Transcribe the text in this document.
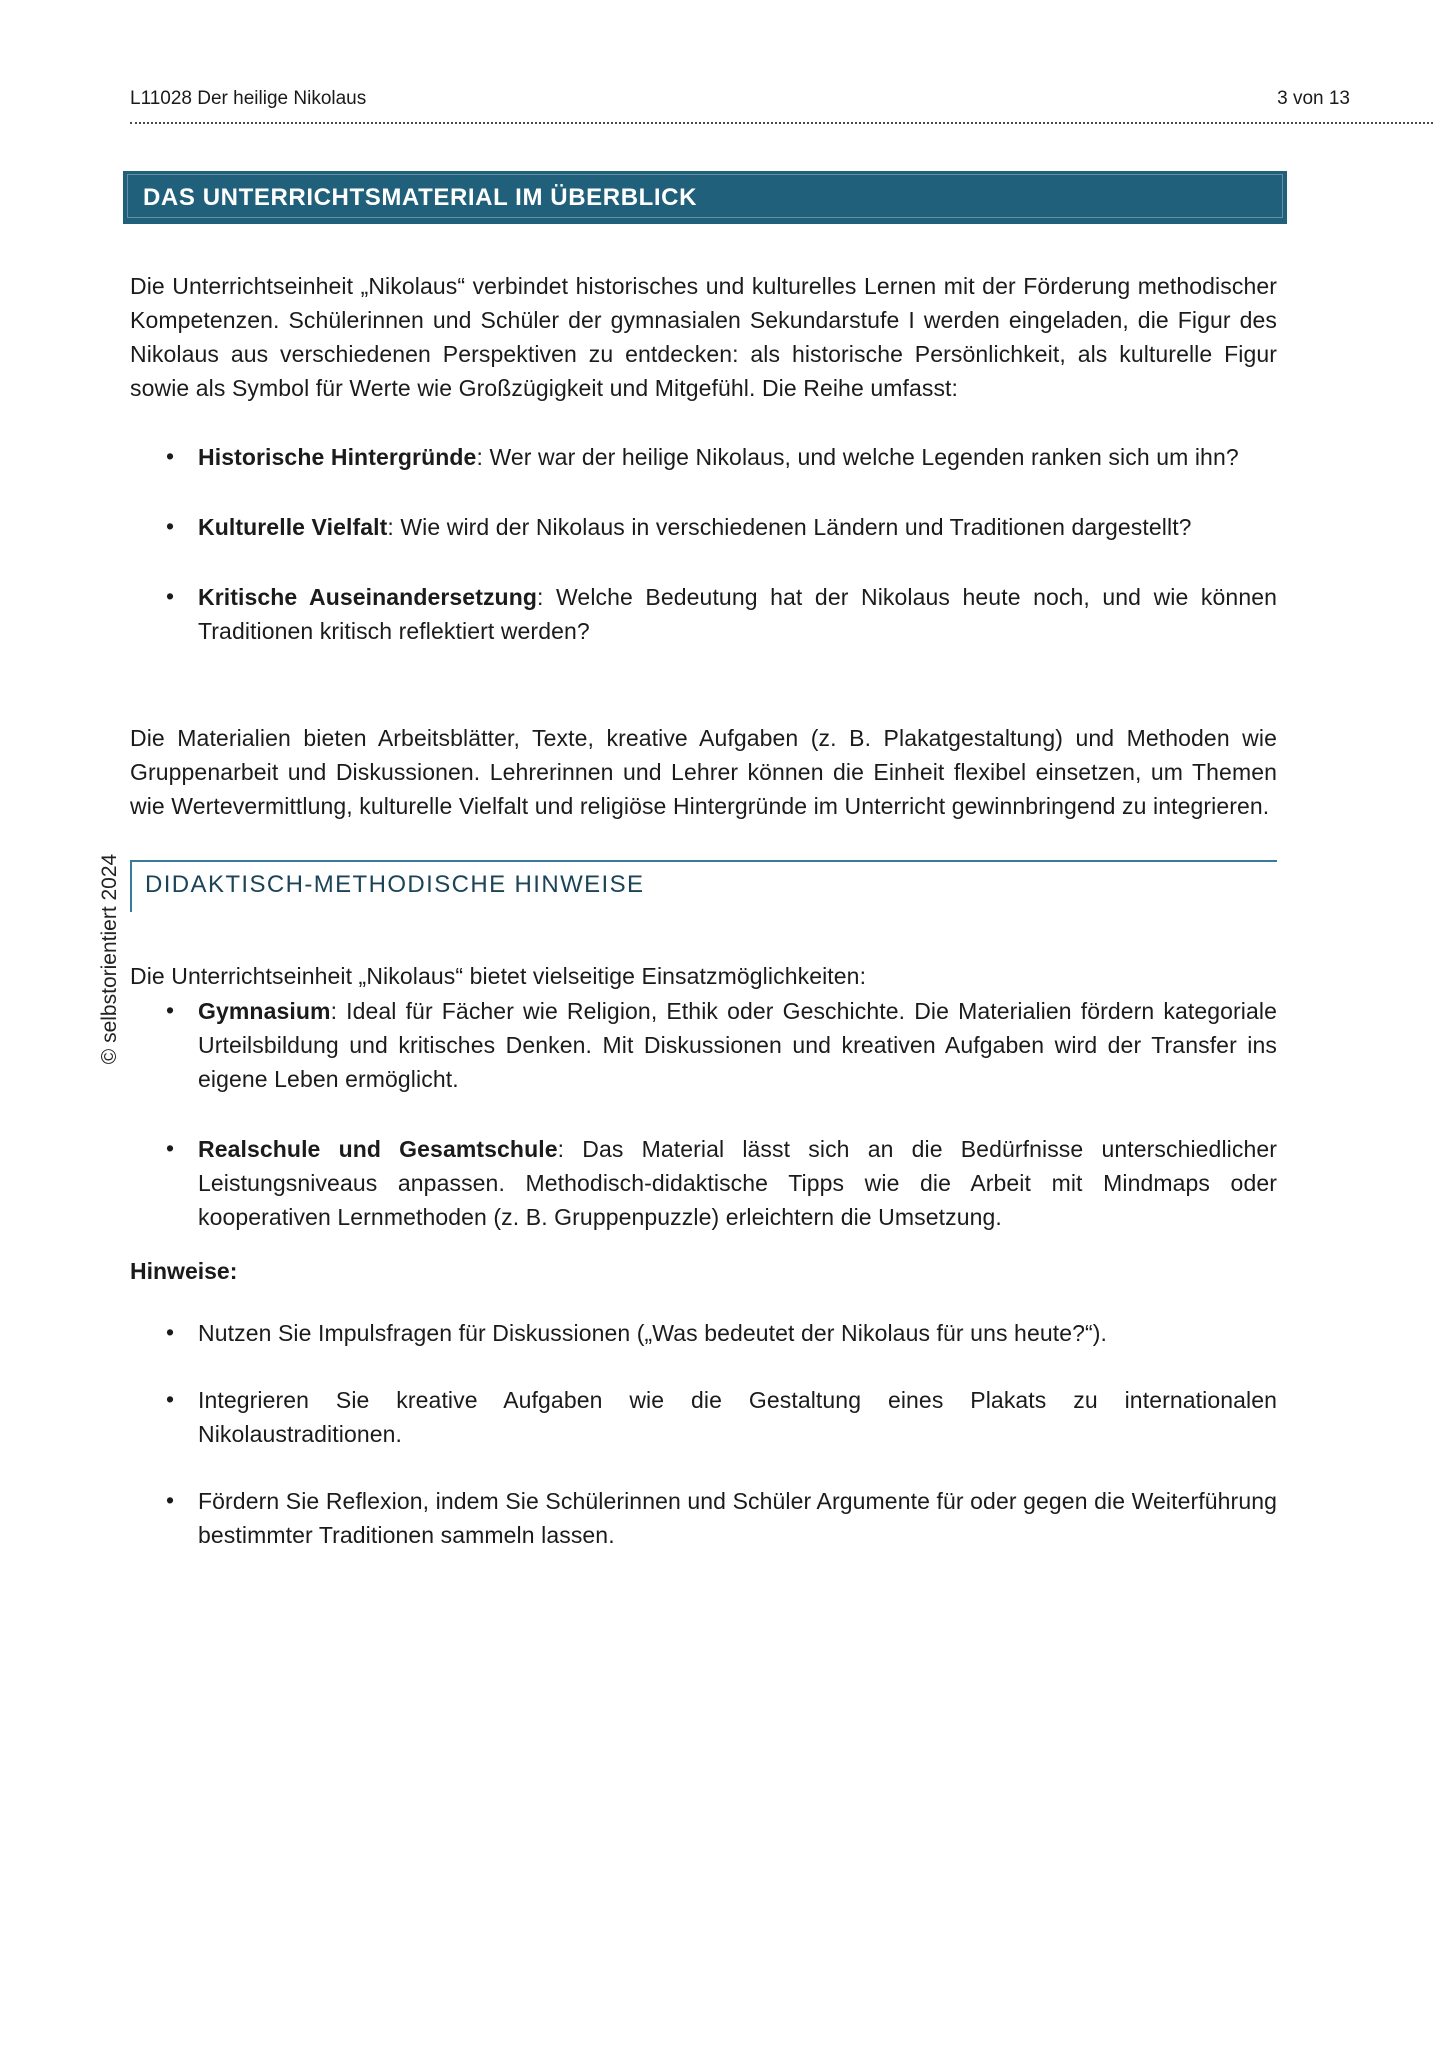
L11028 Der heilige Nikolaus	3 von 13
DAS UNTERRICHTSMATERIAL IM ÜBERBLICK

Die Unterrichtseinheit „Nikolaus“ verbindet historisches und kulturelles Lernen mit der Förderung methodischer Kompetenzen. Schülerinnen und Schüler der gymnasialen Sekundarstufe I werden eingeladen, die Figur des Nikolaus aus verschiedenen Perspektiven zu entdecken: als historische Persönlichkeit, als kulturelle Figur sowie als Symbol für Werte wie Großzügigkeit und Mitgefühl. Die Reihe umfasst:

• Historische Hintergründe: Wer war der heilige Nikolaus, und welche Legenden ranken sich um ihn?
• Kulturelle Vielfalt: Wie wird der Nikolaus in verschiedenen Ländern und Traditionen dargestellt?
• Kritische Auseinandersetzung: Welche Bedeutung hat der Nikolaus heute noch, und wie können Traditionen kritisch reflektiert werden?

Die Materialien bieten Arbeitsblätter, Texte, kreative Aufgaben (z. B. Plakatgestaltung) und Methoden wie Gruppenarbeit und Diskussionen. Lehrerinnen und Lehrer können die Einheit flexibel einsetzen, um Themen wie Wertevermittlung, kulturelle Vielfalt und religiöse Hintergründe im Unterricht gewinnbringend zu integrieren.

DIDAKTISCH-METHODISCHE HINWEISE

Die Unterrichtseinheit „Nikolaus“ bietet vielseitige Einsatzmöglichkeiten:

• Gymnasium: Ideal für Fächer wie Religion, Ethik oder Geschichte. Die Materialien fördern kategoriale Urteilsbildung und kritisches Denken. Mit Diskussionen und kreativen Aufgaben wird der Transfer ins eigene Leben ermöglicht.
• Realschule und Gesamtschule: Das Material lässt sich an die Bedürfnisse unterschiedlicher Leistungsniveaus anpassen. Methodisch-didaktische Tipps wie die Arbeit mit Mindmaps oder kooperativen Lernmethoden (z. B. Gruppenpuzzle) erleichtern die Umsetzung.
Hinweise:
• Nutzen Sie Impulsfragen für Diskussionen („Was bedeutet der Nikolaus für uns heute?“).
• Integrieren Sie kreative Aufgaben wie die Gestaltung eines Plakats zu internationalen Nikolaustraditionen.
• Fördern Sie Reflexion, indem Sie Schülerinnen und Schüler Argumente für oder gegen die Weiterführung bestimmter Traditionen sammeln lassen.
© selbstorientiert 2024
